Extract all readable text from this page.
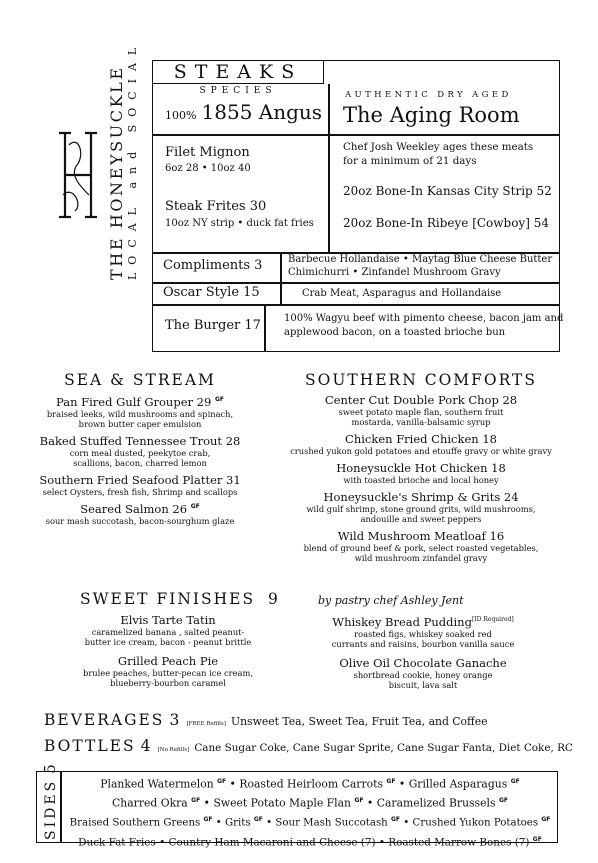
THE HONEYSUCKLE LOCAL and SOCIAL	STEAKS
SPECIES
100% 1855 Angus
Filet Mignon
6oz 28 • 10oz 40
Steak Frites 30
10oz NY strip • duck fat fries
AUTHENTIC DRY AGED
The Aging Room
Chef Josh Weekley ages these meats
for a minimum of 21 days
20oz Bone-In Kansas City Strip 52
20oz Bone-In Ribeye [Cowboy] 54
Compliments 3	Barbecue Hollandaise • Maytag Blue Cheese Butter
Chimichurri • Zinfandel Mushroom Gravy
Oscar Style 15	Crab Meat, Asparagus and Hollandaise
The Burger 17 100% Wagyu beef with pimento cheese, bacon jam and
applewood bacon, on a toasted brioche bun
SEA & STREAM
Pan Fired Gulf Grouper 29 $^{GF}$
braised leeks, wild mushrooms and spinach,
brown butter caper emulsion
Baked Stuffed Tennessee Trout 28
corn meal dusted, peekytoe crab,
scallions, bacon, charred lemon
Southern Fried Seafood Platter 31
select Oysters, fresh fish, Shrimp and scallops
Seared Salmon 26 $^{GF}$
sour mash succotash, bacon-sourghum glaze
SOUTHERN COMFORTS
Center Cut Double Pork Chop 28
sweet potato maple flan, southern fruit
mostarda, vanilla-balsamic syrup
Chicken Fried Chicken 18
crushed yukon gold potatoes and etouffe gravy or white gravy
Honeysuckle Hot Chicken 18
with toasted brioche and local honey
Honeysuckle's Shrimp & Grits 24
wild gulf shrimp, stone ground grits, wild mushrooms,
andouille and sweet peppers
Wild Mushroom Meatloaf 16
blend of ground beef & pork, select roasted vegetables,
wild mushroom zinfandel gravy
SWEET FINISHES 9	by pastry chef Ashley Jent
Elvis Tarte Tatin
caramelized banana , salted peanut-
butter ice cream, bacon - peanut brittle
Grilled Peach Pie
brulee peaches, butter-pecan ice cream,
blueberry-bourbon caramel
Whiskey Bread Pudding[ID Required]
roasted figs, whiskey soaked red
currants and raisins, bourbon vanilla sauce
Olive Oil Chocolate Ganache
shortbread cookie, honey orange
biscuit, lava salt
BEVERAGES 3 [FREE Refills] Unsweet Tea, Sweet Tea, Fruit Tea, and Coffee
BOTTLES 4 [No Refills] Cane Sugar Coke, Cane Sugar Sprite, Cane Sugar Fanta, Diet Coke, RC
SIDES 5
Planked Watermelon $^{GF}$ • Roasted Heirloom Carrots $^{GF}$ • Grilled Asparagus $^{GF}$
Charred Okra $^{GF}$ • Sweet Potato Maple Flan $^{GF}$ • Caramelized Brussels $^{GF}$
Braised Southern Greens $^{GF}$ • Grits $^{GF}$ • Sour Mash Succotash $^{GF}$ • Crushed Yukon Potatoes $^{GF}$
Duck Fat Fries • Country Ham Macaroni and Cheese (7) • Roasted Marrow Bones (7) $^{GF}$
